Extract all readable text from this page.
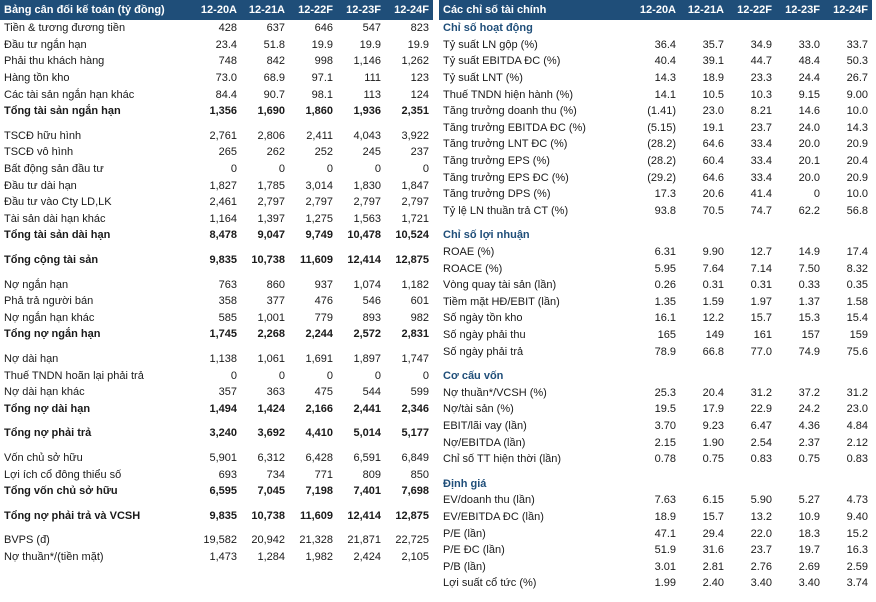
Bảng cân đối kế toán (tỷ đồng)	12-20A	12-21A	12-22F	12-23F	12-24F
Tiền & tương đương tiền	428	637	646	547	823
Đầu tư ngắn hạn	23.4	51.8	19.9	19.9	19.9
Phải thu khách hàng	748	842	998	1,146	1,262
Hàng tồn kho	73.0	68.9	97.1	111	123
Các tài sản ngắn hạn khác	84.4	90.7	98.1	113	124
Tổng tài sản ngắn hạn	1,356	1,690	1,860	1,936	2,351

TSCĐ hữu hình	2,761	2,806	2,411	4,043	3,922
TSCĐ vô hình	265	262	252	245	237
Bất động sản đầu tư	0	0	0	0	0
Đầu tư dài hạn	1,827	1,785	3,014	1,830	1,847
Đầu tư vào Cty LD,LK	2,461	2,797	2,797	2,797	2,797
Tài sản dài hạn khác	1,164	1,397	1,275	1,563	1,721
Tổng tài sản dài hạn	8,478	9,047	9,749	10,478	10,524

Tổng cộng tài sản	9,835	10,738	11,609	12,414	12,875

Nợ ngắn hạn	763	860	937	1,074	1,182
Phả trả người bán	358	377	476	546	601
Nợ ngắn hạn khác	585	1,001	779	893	982
Tổng nợ ngắn hạn	1,745	2,268	2,244	2,572	2,831

Nợ dài hạn	1,138	1,061	1,691	1,897	1,747
Thuế TNDN hoãn lại phải trả	0	0	0	0	0
Nợ dài hạn khác	357	363	475	544	599
Tổng nợ dài hạn	1,494	1,424	2,166	2,441	2,346

Tổng nợ phải trả	3,240	3,692	4,410	5,014	5,177

Vốn chủ sở hữu	5,901	6,312	6,428	6,591	6,849
Lợi ích cổ đông thiểu số	693	734	771	809	850
Tổng vốn chủ sở hữu	6,595	7,045	7,198	7,401	7,698

Tổng nợ phải trả và VCSH	9,835	10,738	11,609	12,414	12,875

BVPS (đ)	19,582	20,942	21,328	21,871	22,725
Nợ thuần*/(tiền mặt)	1,473	1,284	1,982	2,424	2,105
Các chỉ số tài chính	12-20A	12-21A	12-22F	12-23F	12-24F
Chỉ số hoạt động					
Tỷ suất LN gộp (%)	36.4	35.7	34.9	33.0	33.7
Tỷ suất EBITDA ĐC (%)	40.4	39.1	44.7	48.4	50.3
Tỷ suất LNT (%)	14.3	18.9	23.3	24.4	26.7
Thuế TNDN hiện hành (%)	14.1	10.5	10.3	9.15	9.00
Tăng trưởng doanh thu (%)	(1.41)	23.0	8.21	14.6	10.0
Tăng trưởng EBITDA ĐC (%)	(5.15)	19.1	23.7	24.0	14.3
Tăng trưởng LNT ĐC (%)	(28.2)	64.6	33.4	20.0	20.9
Tăng trưởng EPS (%)	(28.2)	60.4	33.4	20.1	20.4
Tăng trưởng EPS ĐC (%)	(29.2)	64.6	33.4	20.0	20.9
Tăng trưởng DPS (%)	17.3	20.6	41.4	0	10.0
Tỷ lệ LN thuần trả CT (%)	93.8	70.5	74.7	62.2	56.8

Chỉ số lợi nhuận					
ROAE (%)	6.31	9.90	12.7	14.9	17.4
ROACE (%)	5.95	7.64	7.14	7.50	8.32
Vòng quay tài sản (lần)	0.26	0.31	0.31	0.33	0.35
Tiềm mặt HĐ/EBIT (lần)	1.35	1.59	1.97	1.37	1.58
Số ngày tồn kho	16.1	12.2	15.7	15.3	15.4
Số ngày phải thu	165	149	161	157	159
Số ngày phải trả	78.9	66.8	77.0	74.9	75.6

Cơ cấu vốn					
Nợ thuần*/VCSH (%)	25.3	20.4	31.2	37.2	31.2
Nợ/tài sản (%)	19.5	17.9	22.9	24.2	23.0
EBIT/lãi vay (lần)	3.70	9.23	6.47	4.36	4.84
Nợ/EBITDA (lần)	2.15	1.90	2.54	2.37	2.12
Chỉ số TT hiện thời (lần)	0.78	0.75	0.83	0.75	0.83

Định giá					
EV/doanh thu (lần)	7.63	6.15	5.90	5.27	4.73
EV/EBITDA ĐC (lần)	18.9	15.7	13.2	10.9	9.40
P/E (lần)	47.1	29.4	22.0	18.3	15.2
P/E ĐC (lần)	51.9	31.6	23.7	19.7	16.3
P/B (lần)	3.01	2.81	2.76	2.69	2.59
Lợi suất cổ tức (%)	1.99	2.40	3.40	3.40	3.74
